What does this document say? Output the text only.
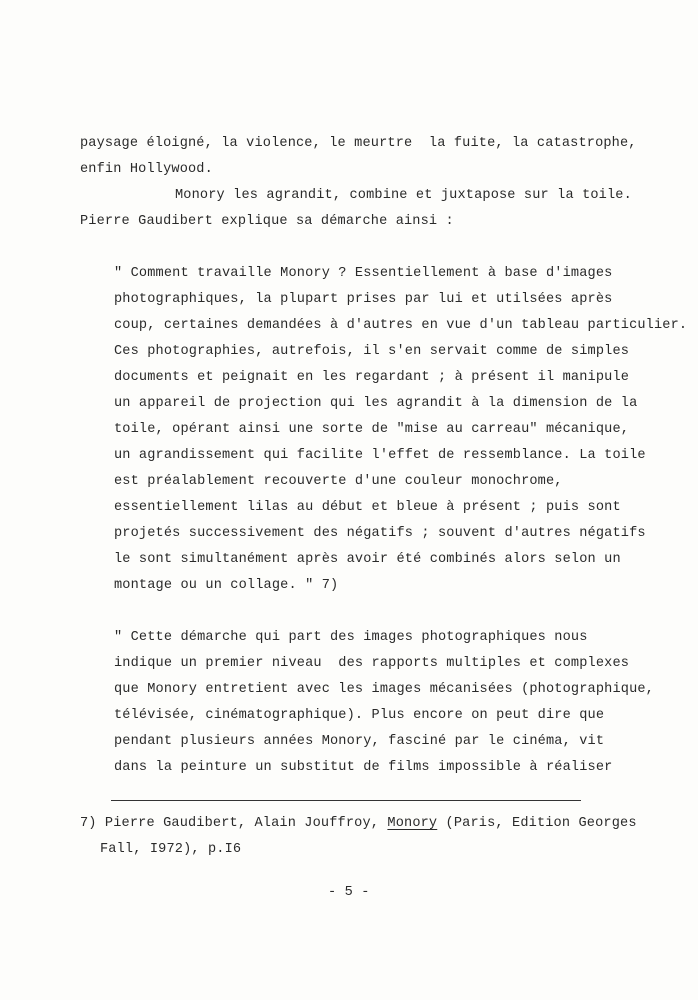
paysage éloigné, la violence, le meurtre  la fuite, la catastrophe,
enfin Hollywood.
Monory les agrandit, combine et juxtapose sur la toile.
Pierre Gaudibert explique sa démarche ainsi :
" Comment travaille Monory ? Essentiellement à base d'images
photographiques, la plupart prises par lui et utilsées après
coup, certaines demandées à d'autres en vue d'un tableau particulier.
Ces photographies, autrefois, il s'en servait comme de simples
documents et peignait en les regardant ; à présent il manipule
un appareil de projection qui les agrandit à la dimension de la
toile, opérant ainsi une sorte de "mise au carreau" mécanique,
un agrandissement qui facilite l'effet de ressemblance. La toile
est préalablement recouverte d'une couleur monochrome,
essentiellement lilas au début et bleue à présent ; puis sont
projetés successivement des négatifs ; souvent d'autres négatifs
le sont simultanément après avoir été combinés alors selon un
montage ou un collage. " 7)
" Cette démarche qui part des images photographiques nous
indique un premier niveau  des rapports multiples et complexes
que Monory entretient avec les images mécanisées (photographique,
télévisée, cinématographique). Plus encore on peut dire que
pendant plusieurs années Monory, fasciné par le cinéma, vit
dans la peinture un substitut de films impossible à réaliser
7) Pierre Gaudibert, Alain Jouffroy, Monory (Paris, Edition Georges
Fall, I972), p.I6
- 5 -
